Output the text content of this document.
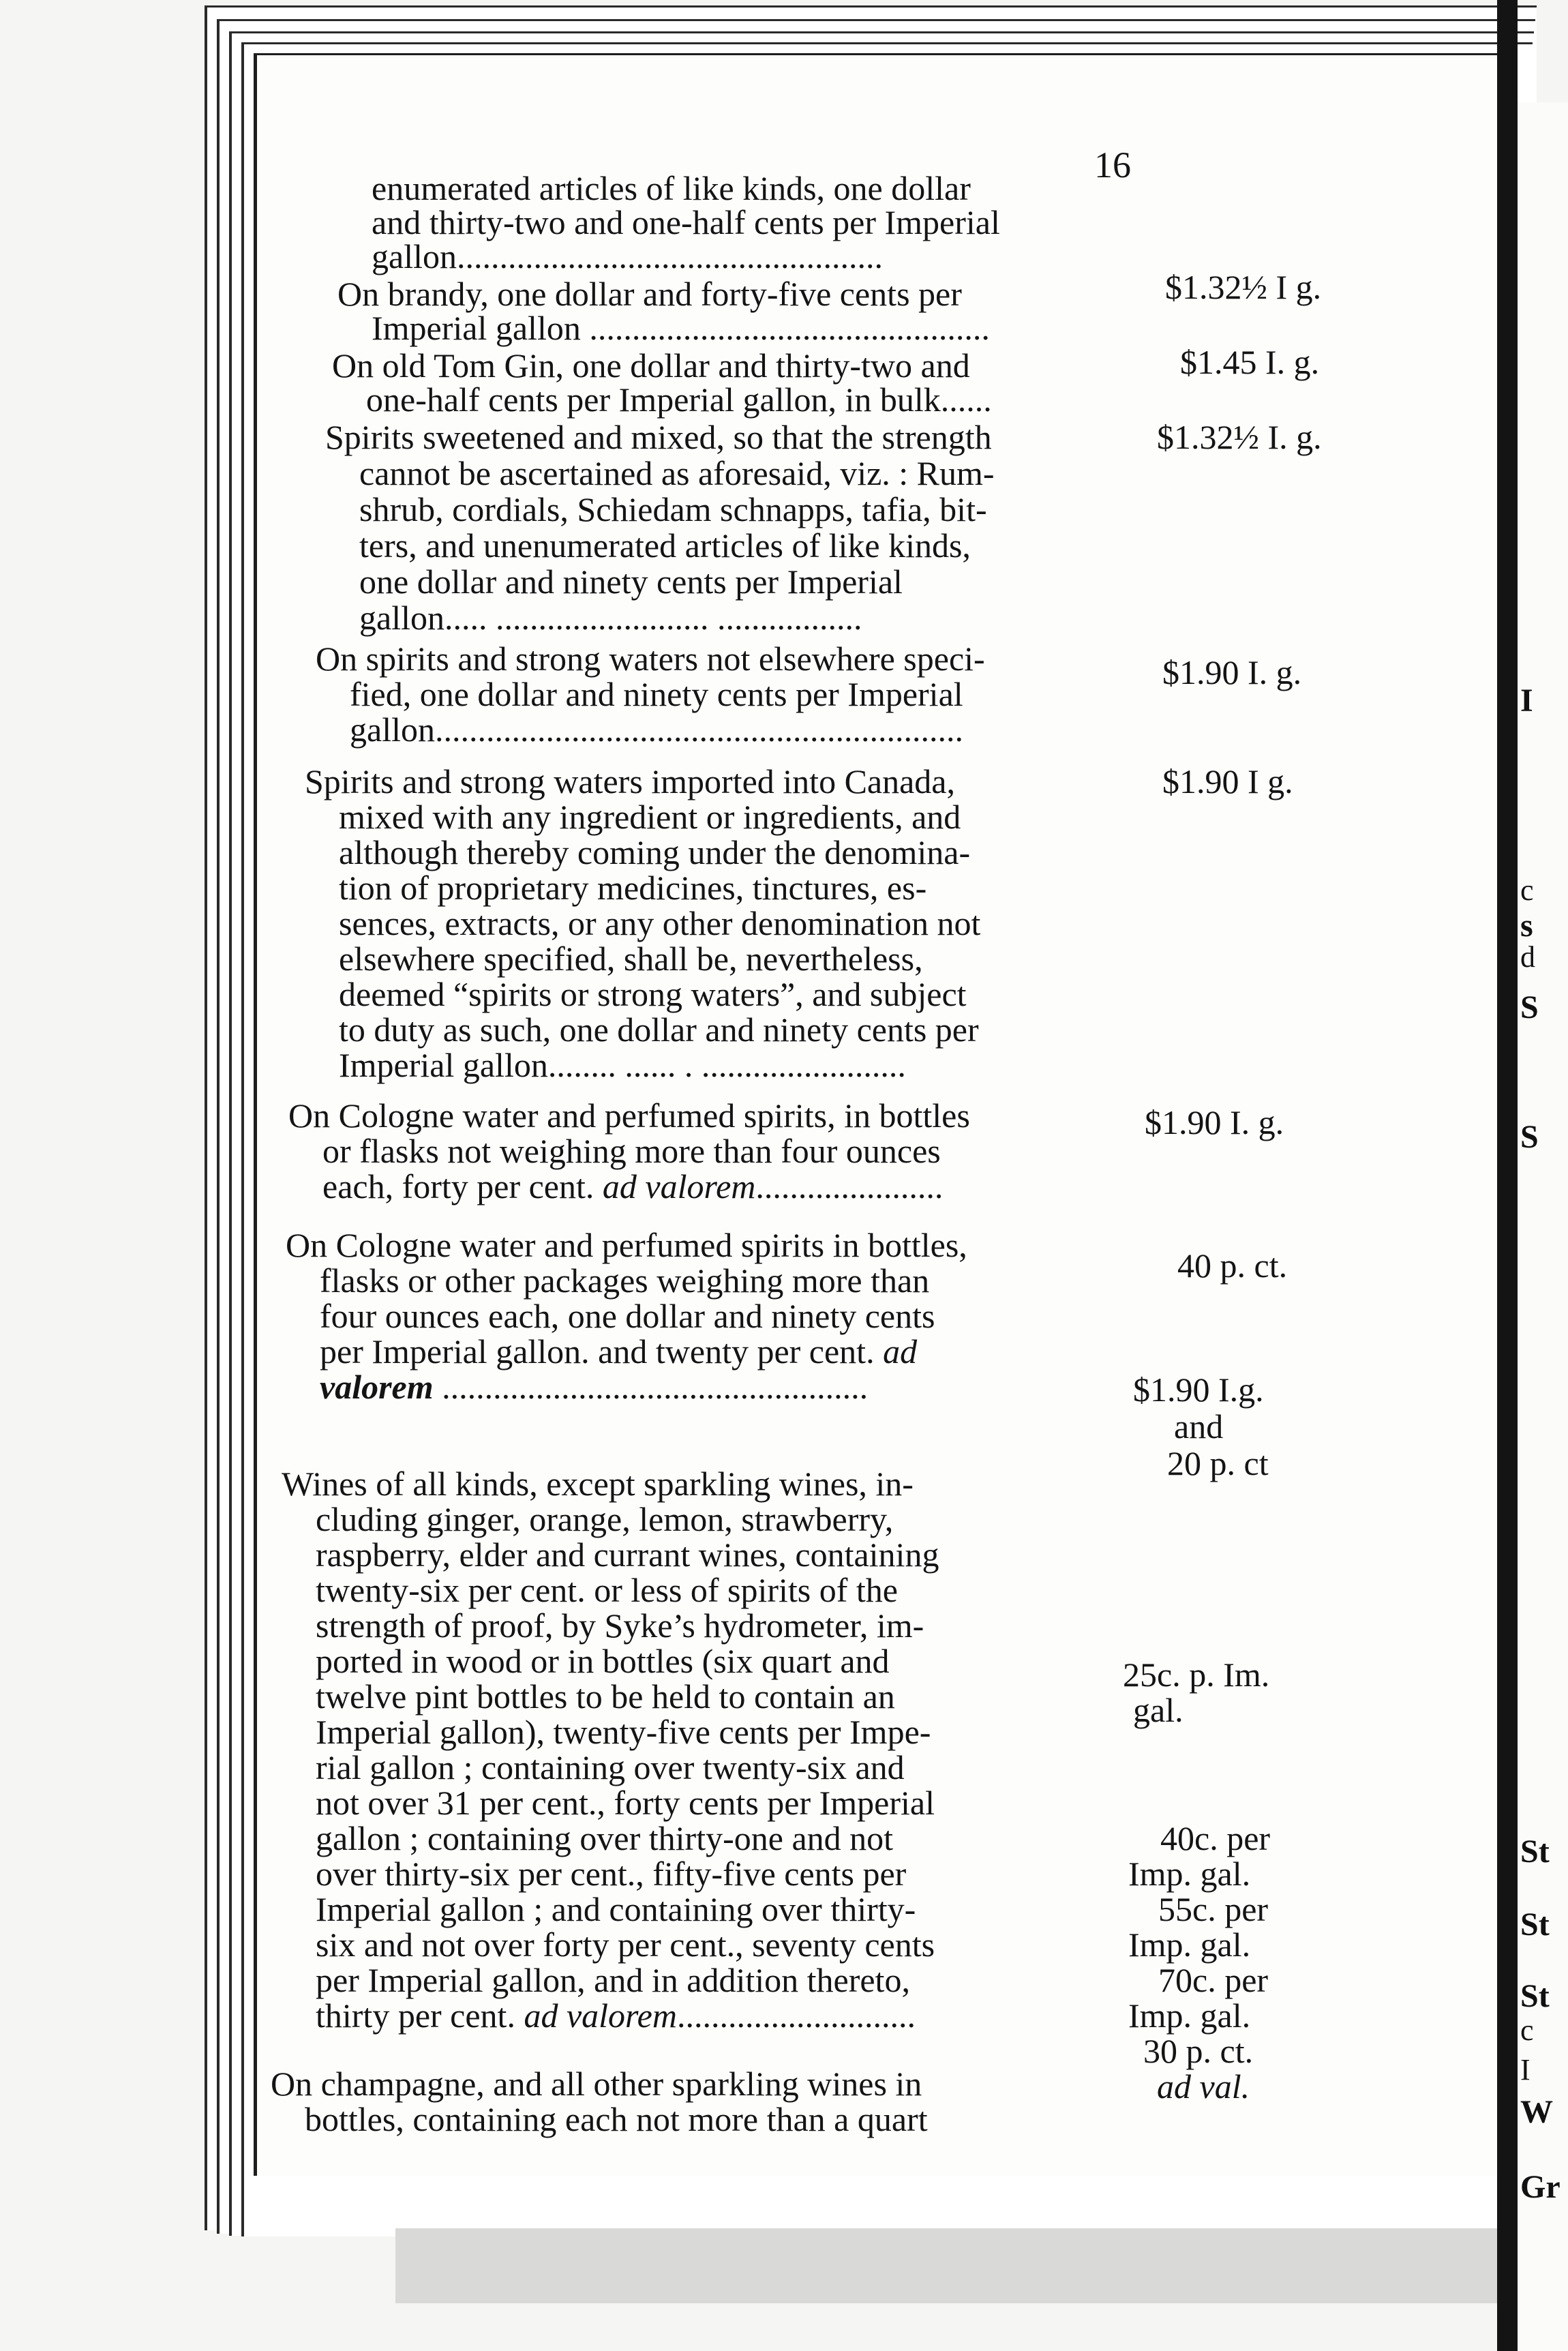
16
enumerated articles of like kinds, one dollar
and thirty-two and one-half cents per Imperial
gallon..................................................
$1.32½ I g.
On brandy, one dollar and forty-five cents per
Imperial gallon ...............................................
$1.45 I. g.
On old Tom Gin, one dollar and thirty-two and
one-half cents per Imperial gallon, in bulk......
$1.32½ I. g.
Spirits sweetened and mixed, so that the strength
cannot be ascertained as aforesaid, viz. : Rum-
shrub, cordials, Schiedam schnapps, tafia, bit-
ters, and unenumerated articles of like kinds,
one dollar and ninety cents per Imperial
gallon..... ......................... .................
On spirits and strong waters not elsewhere speci-
fied, one dollar and ninety cents per Imperial
gallon..............................................................
$1.90 I. g.
$1.90 I g.
Spirits and strong waters imported into Canada,
mixed with any ingredient or ingredients, and
although thereby coming under the denomina-
tion of proprietary medicines, tinctures, es-
sences, extracts, or any other denomination not
elsewhere specified, shall be, nevertheless,
deemed “spirits or strong waters”, and subject
to duty as such, one dollar and ninety cents per
Imperial gallon........ ...... . ........................
$1.90 I. g.
On Cologne water and perfumed spirits, in bottles
or flasks not weighing more than four ounces
each, forty per cent. ad valorem......................
40 p. ct.
On Cologne water and perfumed spirits in bottles,
flasks or other packages weighing more than
four ounces each, one dollar and ninety cents
per Imperial gallon. and twenty per cent. ad
valorem ..................................................	$1.90 I.g.
and
20 p. ct
Wines of all kinds, except sparkling wines, in-
cluding ginger, orange, lemon, strawberry,
raspberry, elder and currant wines, containing
twenty-six per cent. or less of spirits of the
strength of proof, by Syke’s hydrometer, im-
ported in wood or in bottles (six quart and
twelve pint bottles to be held to contain an
Imperial gallon), twenty-five cents per Impe-
rial gallon ; containing over twenty-six and
not over 31 per cent., forty cents per Imperial
gallon ; containing over thirty-one and not
over thirty-six per cent., fifty-five cents per
Imperial gallon ; and containing over thirty-
six and not over forty per cent., seventy cents
per Imperial gallon, and in addition thereto,
thirty per cent. ad valorem............................
25c. p. Im.
gal.
40c. per
Imp. gal.
55c. per
Imp. gal.
70c. per
Imp. gal.
30 p. ct.
ad val.
On champagne, and all other sparkling wines in
bottles, containing each not more than a quart
I
c
s
d
S
S
St
St
St
c
I
W
Gr
